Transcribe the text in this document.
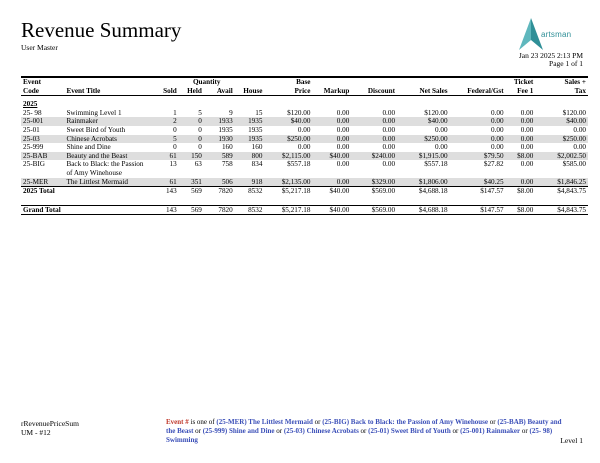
Revenue Summary
User Master
artsman
Jan 23 2025 2:13 PM
Page 1 of 1
Event		Quantity				Base					Ticket	Sales +
Code	Event Title	Sold	Held	Avail	House	Price	Markup	Discount	Net Sales	Federal/Gst	Fee 1	Tax

2025												
25- 98	Swimming Level 1	1	5	9	15	$120.00	0.00	0.00	$120.00	0.00	0.00	$120.00
25-001	Rainmaker	2	0	1933	1935	$40.00	0.00	0.00	$40.00	0.00	0.00	$40.00
25-01	Sweet Bird of Youth	0	0	1935	1935	0.00	0.00	0.00	0.00	0.00	0.00	0.00
25-03	Chinese Acrobats	5	0	1930	1935	$250.00	0.00	0.00	$250.00	0.00	0.00	$250.00
25-999	Shine and Dine	0	0	160	160	0.00	0.00	0.00	0.00	0.00	0.00	0.00
25-BAB	Beauty and the Beast	61	150	589	800	$2,115.00	$40.00	$240.00	$1,915.00	$79.50	$8.00	$2,002.50
25-BIG	Back to Black: the Passion of Amy Winehouse	13	63	758	834	$557.18	0.00	0.00	$557.18	$27.82	0.00	$585.00
25-MER	The Littlest Mermaid	61	351	506	918	$2,135.00	0.00	$329.00	$1,806.00	$40.25	0.00	$1,846.25
2025 Total		143	569	7820	8532	$5,217.18	$40.00	$569.00	$4,688.18	$147.57	$8.00	$4,843.75

Grand Total		143	569	7820	8532	$5,217.18	$40.00	$569.00	$4,688.18	$147.57	$8.00	$4,843.75
rRevenuePriceSum
UM - #12
Event # is one of (25-MER) The Littlest Mermaid or (25-BIG) Back to Black: the Passion of Amy Winehouse or (25-BAB) Beauty and the Beast or (25-999) Shine and Dine or (25-03) Chinese Acrobats or (25-01) Sweet Bird of Youth or (25-001) Rainmaker or (25- 98) Swimming	Level 1
